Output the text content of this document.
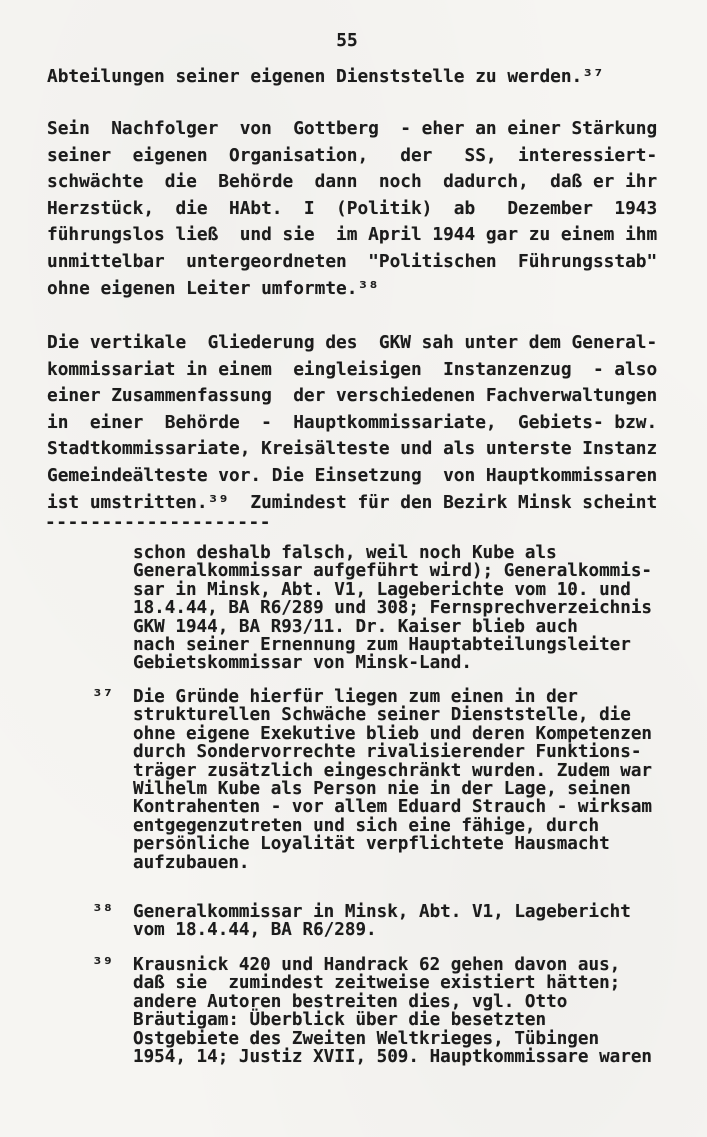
55
Abteilungen seiner eigenen Dienststelle zu werden.³⁷
Sein  Nachfolger  von  Gottberg  - eher an einer Stärkung
seiner  eigenen  Organisation,   der   SS,  interessiert-
schwächte  die  Behörde  dann  noch  dadurch,  daß er ihr
Herzstück,  die  HAbt.  I  (Politik)  ab   Dezember  1943
führungslos ließ  und sie  im April 1944 gar zu einem ihm
unmittelbar  untergeordneten  "Politischen  Führungsstab"
ohne eigenen Leiter umformte.³⁸
Die vertikale  Gliederung des  GKW sah unter dem General-
kommissariat in einem  eingleisigen  Instanzenzug  - also
einer Zusammenfassung  der verschiedenen Fachverwaltungen
in  einer  Behörde  -  Hauptkommissariate,  Gebiets- bzw.
Stadtkommissariate, Kreisälteste und als unterste Instanz
Gemeindeälteste vor. Die Einsetzung  von Hauptkommissaren
ist umstritten.³⁹  Zumindest für den Bezirk Minsk scheint
--------------------
schon deshalb falsch, weil noch Kube als
Generalkommissar aufgeführt wird); Generalkommis-
sar in Minsk, Abt. V1, Lageberichte vom 10. und
18.4.44, BA R6/289 und 308; Fernsprechverzeichnis
GKW 1944, BA R93/11. Dr. Kaiser blieb auch
nach seiner Ernennung zum Hauptabteilungsleiter
Gebietskommissar von Minsk-Land.
³⁷ Die Gründe hierfür liegen zum einen in der
strukturellen Schwäche seiner Dienststelle, die
ohne eigene Exekutive blieb und deren Kompetenzen
durch Sondervorrechte rivalisierender Funktions-
träger zusätzlich eingeschränkt wurden. Zudem war
Wilhelm Kube als Person nie in der Lage, seinen
Kontrahenten - vor allem Eduard Strauch - wirksam
entgegenzutreten und sich eine fähige, durch
persönliche Loyalität verpflichtete Hausmacht
aufzubauen.
³⁸ Generalkommissar in Minsk, Abt. V1, Lagebericht
vom 18.4.44, BA R6/289.
³⁹ Krausnick 420 und Handrack 62 gehen davon aus,
daß sie  zumindest zeitweise existiert hätten;
andere Autoren bestreiten dies, vgl. Otto
Bräutigam: Überblick über die besetzten
Ostgebiete des Zweiten Weltkrieges, Tübingen
1954, 14; Justiz XVII, 509. Hauptkommissare waren
